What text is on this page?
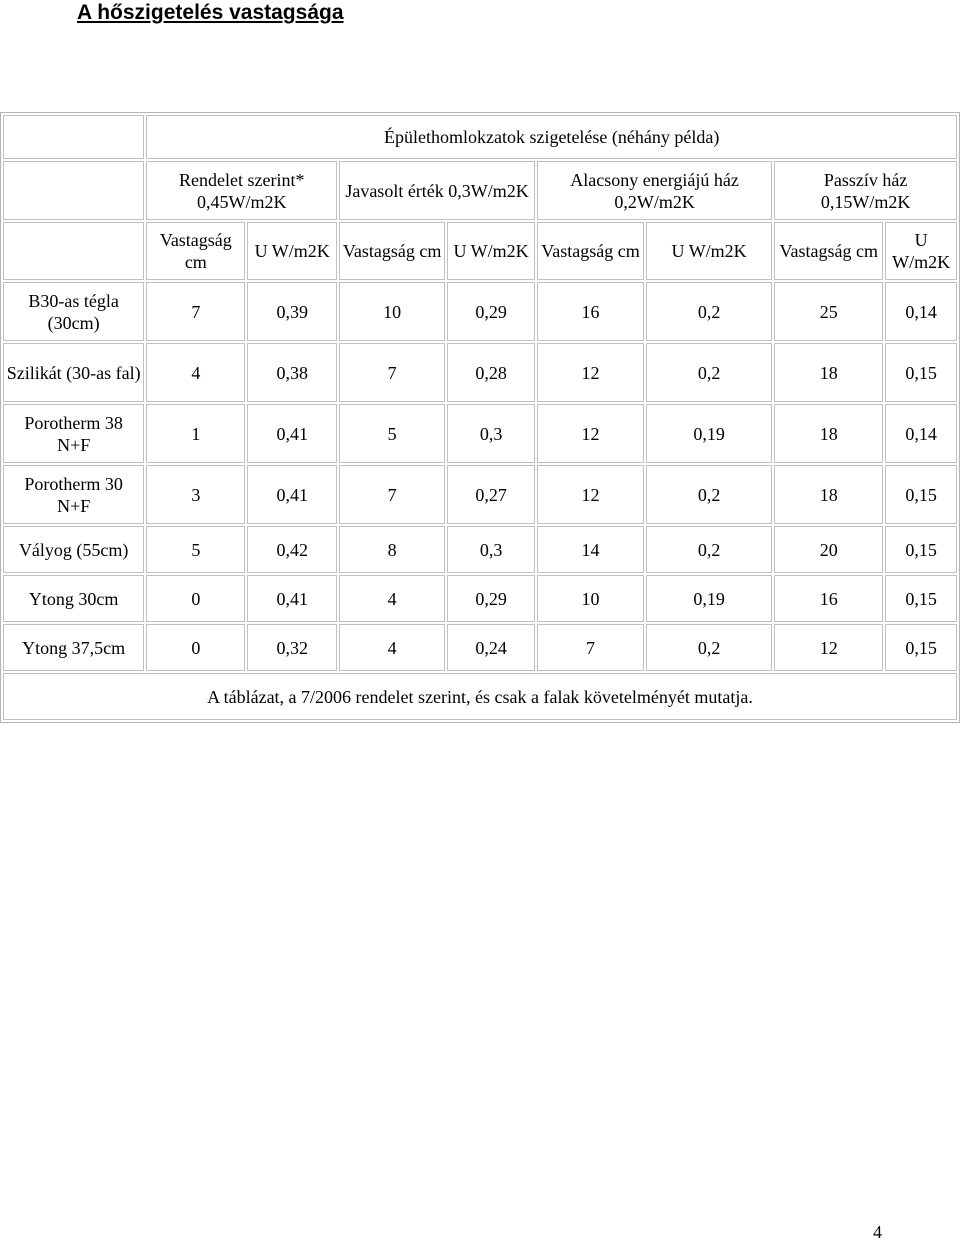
A hőszigetelés vastagsága
	Épülethomlokzatok szigetelése (néhány példa)							
	Rendelet szerint* 0,45W/m2K		Javasolt érték 0,3W/m2K		Alacsony energiájú ház 0,2W/m2K		Passzív ház 0,15W/m2K	
	Vastagság cm	U W/m2K	Vastagság cm	U W/m2K	Vastagság cm	U W/m2K	Vastagság cm	U W/m2K
B30-as tégla (30cm)	7	0,39	10	0,29	16	0,2	25	0,14
Szilikát (30-as fal)	4	0,38	7	0,28	12	0,2	18	0,15
Porotherm 38 N+F	1	0,41	5	0,3	12	0,19	18	0,14
Porotherm 30 N+F	3	0,41	7	0,27	12	0,2	18	0,15
Vályog (55cm)	5	0,42	8	0,3	14	0,2	20	0,15
Ytong 30cm	0	0,41	4	0,29	10	0,19	16	0,15
Ytong 37,5cm	0	0,32	4	0,24	7	0,2	12	0,15
A táblázat, a 7/2006 rendelet szerint, és csak a falak követelményét mutatja.								
4
